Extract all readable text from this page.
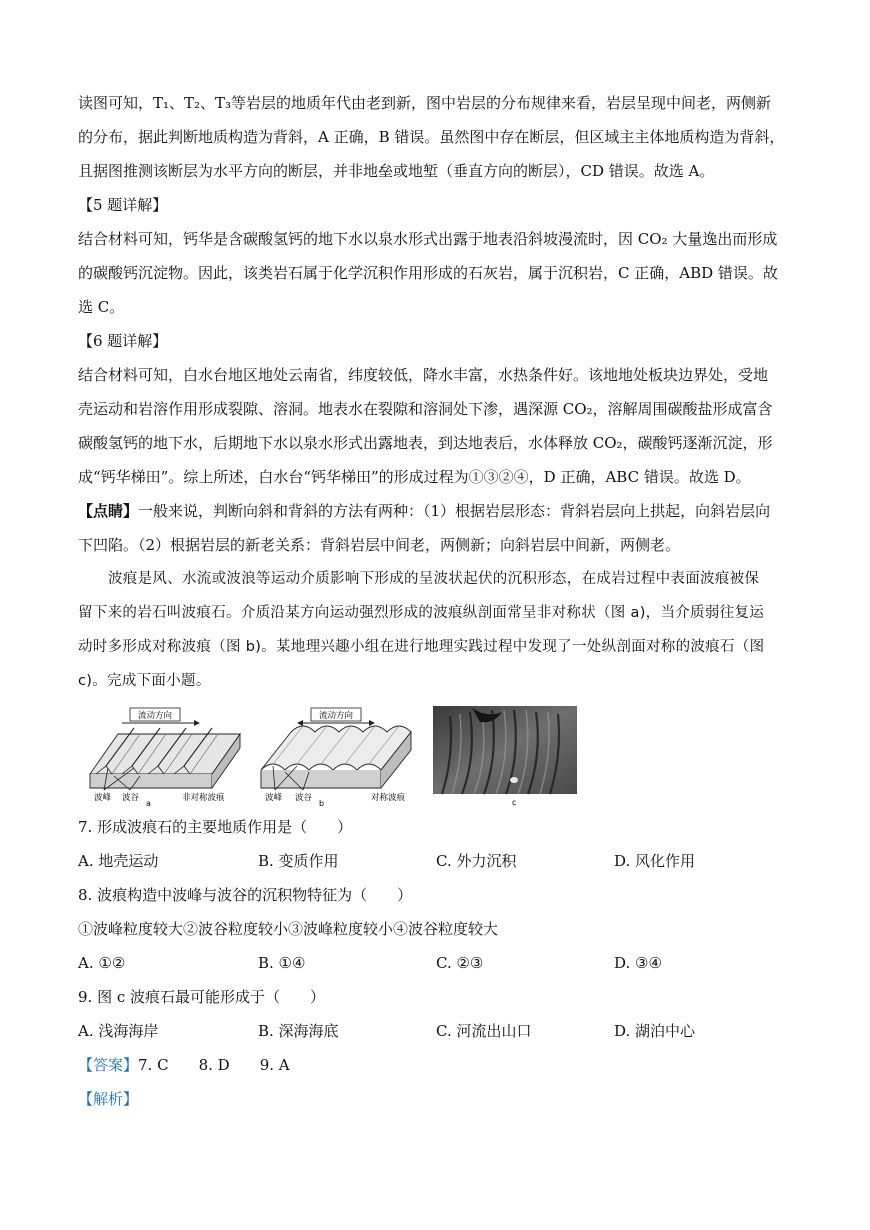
读图可知，T₁、T₂、T₃等岩层的地质年代由老到新，图中岩层的分布规律来看，岩层呈现中间老，两侧新

的分布，据此判断地质构造为背斜，A 正确，B 错误。虽然图中存在断层，但区域主主体地质构造为背斜，

且据图推测该断层为水平方向的断层，并非地垒或地堑（垂直方向的断层），CD 错误。故选 A。

【5 题详解】

结合材料可知，钙华是含碳酸氢钙的地下水以泉水形式出露于地表沿斜坡漫流时，因 CO₂ 大量逸出而形成

的碳酸钙沉淀物。因此，该类岩石属于化学沉积作用形成的石灰岩，属于沉积岩，C 正确，ABD 错误。故

选 C。

【6 题详解】

结合材料可知，白水台地区地处云南省，纬度较低，降水丰富，水热条件好。该地地处板块边界处，受地

壳运动和岩溶作用形成裂隙、溶洞。地表水在裂隙和溶洞处下渗，遇深源 CO₂，溶解周围碳酸盐形成富含

碳酸氢钙的地下水，后期地下水以泉水形式出露地表，到达地表后，水体释放 CO₂，碳酸钙逐渐沉淀，形

成“钙华梯田”。综上所述，白水台“钙华梯田”的形成过程为①③②④，D 正确，ABC 错误。故选 D。

【点睛】一般来说，判断向斜和背斜的方法有两种：（1）根据岩层形态：背斜岩层向上拱起，向斜岩层向

下凹陷。（2）根据岩层的新老关系：背斜岩层中间老，两侧新；向斜岩层中间新，两侧老。

波痕是风、水流或波浪等运动介质影响下形成的呈波状起伏的沉积形态，在成岩过程中表面波痕被保

留下来的岩石叫波痕石。介质沿某方向运动强烈形成的波痕纵剖面常呈非对称状（图 a)，当介质弱往复运

动时多形成对称波痕（图 b)。某地理兴趣小组在进行地理实践过程中发现了一处纵剖面对称的波痕石（图

c)。完成下面小题。

流动方向
波峰 波谷	非对称波痕
a
流动方向
波峰 波谷	对称波痕
b	c

7. 形成波痕石的主要地质作用是（　　）

A. 地壳运动	B. 变质作用	C. 外力沉积	D. 风化作用

8. 波痕构造中波峰与波谷的沉积物特征为（　　）

①波峰粒度较大②波谷粒度较小③波峰粒度较小④波谷粒度较大

A. ①②	B. ①④	C. ②③	D. ③④

9. 图 c 波痕石最可能形成于（　　）

A. 浅海海岸	B. 深海海底	C. 河流出山口	D. 湖泊中心

【答案】7. C 8. D 9. A

【解析】
